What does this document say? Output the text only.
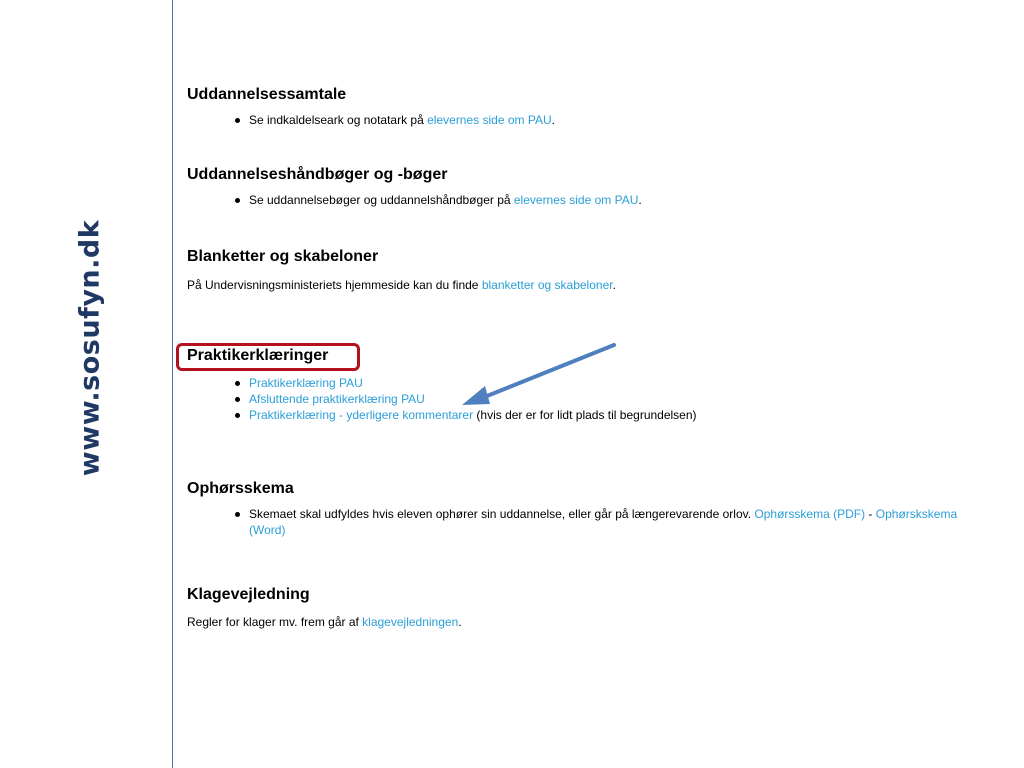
www.sosufyn.dk
Uddannelsessamtale
Se indkaldelseark og notatark på elevernes side om PAU.
Uddannelseshåndbøger og -bøger
Se uddannelsebøger og uddannelshåndbøger på elevernes side om PAU.
Blanketter og skabeloner

På Undervisningsministeriets hjemmeside kan du finde blanketter og skabeloner.

Praktikerklæringer
Praktikerklæring PAU
Afsluttende praktikerklæring PAU
Praktikerklæring - yderligere kommentarer (hvis der er for lidt plads til begrundelsen)
Ophørsskema
Skemaet skal udfyldes hvis eleven ophører sin uddannelse, eller går på længerevarende orlov. Ophørsskema (PDF) - Ophørskskema (Word)
Klagevejledning

Regler for klager mv. frem går af klagevejledningen.
